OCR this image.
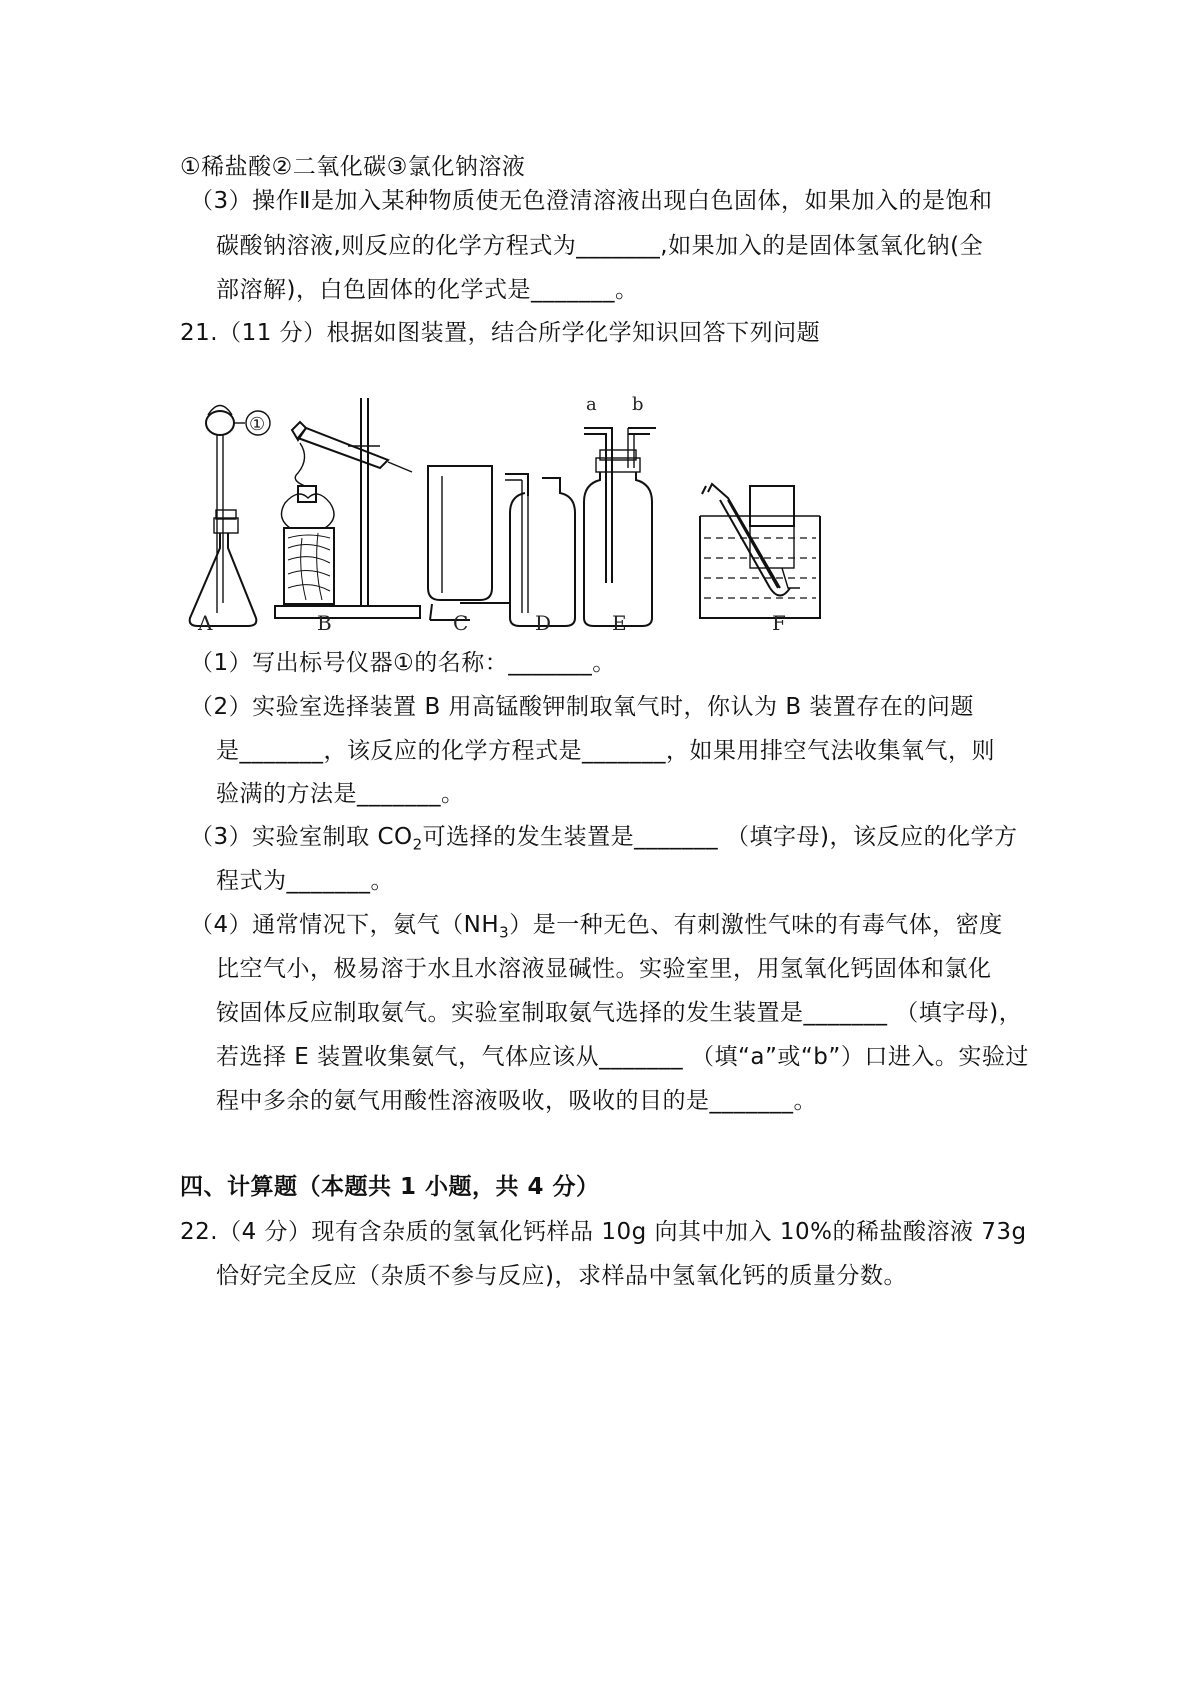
①稀盐酸②二氧化碳③氯化钠溶液
（3）操作Ⅱ是加入某种物质使无色澄清溶液出现白色固体，如果加入的是饱和
碳酸钠溶液,则反应的化学方程式为_______,如果加入的是固体氢氧化钠(全
部溶解)，白色固体的化学式是_______。
21.（11 分）根据如图装置，结合所学化学知识回答下列问题
①
a b
A	B	C	D	E	F
（1）写出标号仪器①的名称：_______。
（2）实验室选择装置 B 用高锰酸钾制取氧气时，你认为 B 装置存在的问题
是_______，该反应的化学方程式是_______，如果用排空气法收集氧气，则
验满的方法是_______。
（3）实验室制取 $CO_2$可选择的发生装置是_______ （填字母)，该反应的化学方
程式为_______。
（4）通常情况下，氨气$(NH_3)$是一种无色、有刺激性气味的有毒气体，密度
比空气小，极易溶于水且水溶液显碱性。实验室里，用氢氧化钙固体和氯化
铵固体反应制取氨气。实验室制取氨气选择的发生装置是_______ （填字母)，
若选择 E 装置收集氨气，气体应该从_______ （填“a”或“b”）口进入。实验过
程中多余的氨气用酸性溶液吸收，吸收的目的是_______。
四、计算题（本题共 1 小题，共 4 分）
22.（4 分）现有含杂质的氢氧化钙样品 10g 向其中加入 10%的稀盐酸溶液 73g
恰好完全反应（杂质不参与反应)，求样品中氢氧化钙的质量分数。
